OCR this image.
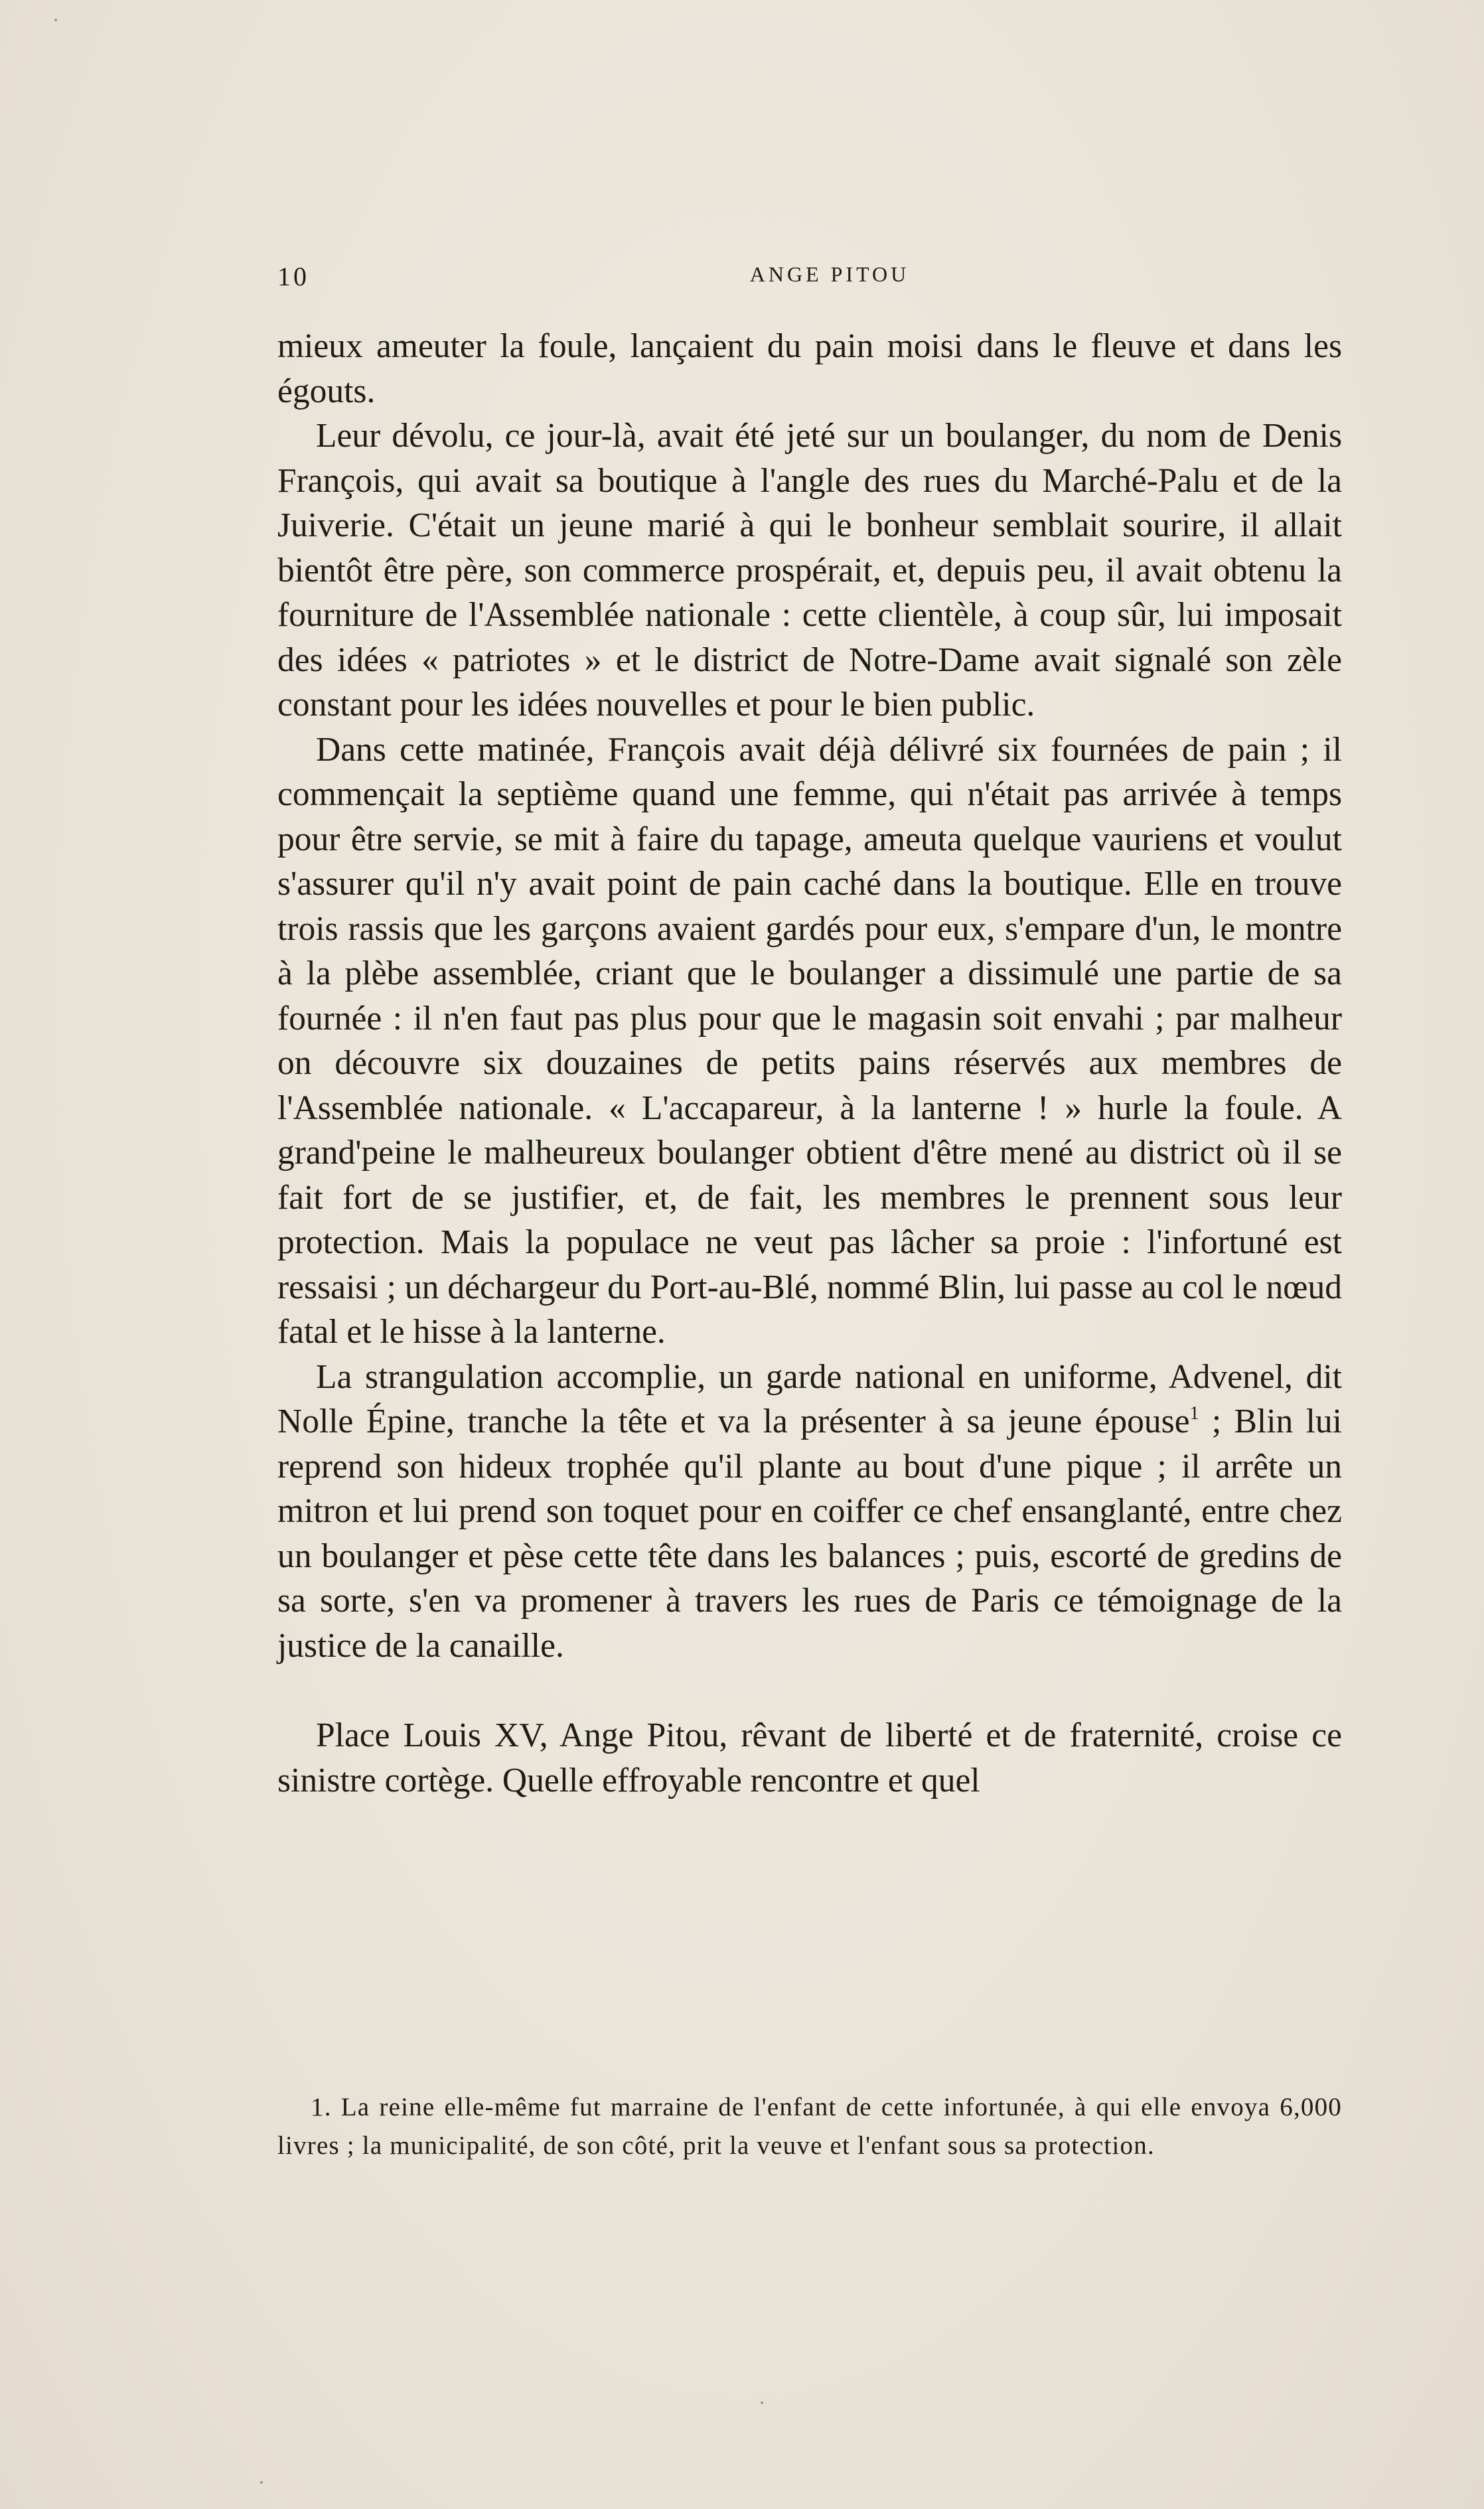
10	ANGE PITOU

mieux ameuter la foule, lançaient du pain moisi dans le fleuve et dans les égouts.

Leur dévolu, ce jour-là, avait été jeté sur un boulanger, du nom de Denis François, qui avait sa boutique à l'angle des rues du Marché-Palu et de la Juiverie. C'était un jeune marié à qui le bonheur semblait sourire, il allait bientôt être père, son commerce prospérait, et, depuis peu, il avait obtenu la fourniture de l'Assemblée nationale : cette clientèle, à coup sûr, lui imposait des idées « patriotes » et le district de Notre-Dame avait signalé son zèle constant pour les idées nouvelles et pour le bien public.

Dans cette matinée, François avait déjà délivré six fournées de pain ; il commençait la septième quand une femme, qui n'était pas arrivée à temps pour être servie, se mit à faire du tapage, ameuta quelque vauriens et voulut s'assurer qu'il n'y avait point de pain caché dans la boutique. Elle en trouve trois rassis que les garçons avaient gardés pour eux, s'empare d'un, le montre à la plèbe assemblée, criant que le boulanger a dissimulé une partie de sa fournée : il n'en faut pas plus pour que le magasin soit envahi ; par malheur on découvre six douzaines de petits pains réservés aux membres de l'Assemblée nationale. « L'accapareur, à la lanterne ! » hurle la foule. A grand'peine le malheureux boulanger obtient d'être mené au district où il se fait fort de se justifier, et, de fait, les membres le prennent sous leur protection. Mais la populace ne veut pas lâcher sa proie : l'infortuné est ressaisi ; un déchargeur du Port-au-Blé, nommé Blin, lui passe au col le nœud fatal et le hisse à la lanterne.

La strangulation accomplie, un garde national en uniforme, Advenel, dit Nolle Épine, tranche la tête et va la présenter à sa jeune épouse$^1$ ; Blin lui reprend son hideux trophée qu'il plante au bout d'une pique ; il arrête un mitron et lui prend son toquet pour en coiffer ce chef ensanglanté, entre chez un boulanger et pèse cette tête dans les balances ; puis, escorté de gredins de sa sorte, s'en va promener à travers les rues de Paris ce témoignage de la justice de la canaille.

Place Louis XV, Ange Pitou, rêvant de liberté et de fraternité, croise ce sinistre cortège. Quelle effroyable rencontre et quel

1. La reine elle-même fut marraine de l'enfant de cette infortunée, à qui elle envoya 6,000 livres ; la municipalité, de son côté, prit la veuve et l'enfant sous sa protection.
